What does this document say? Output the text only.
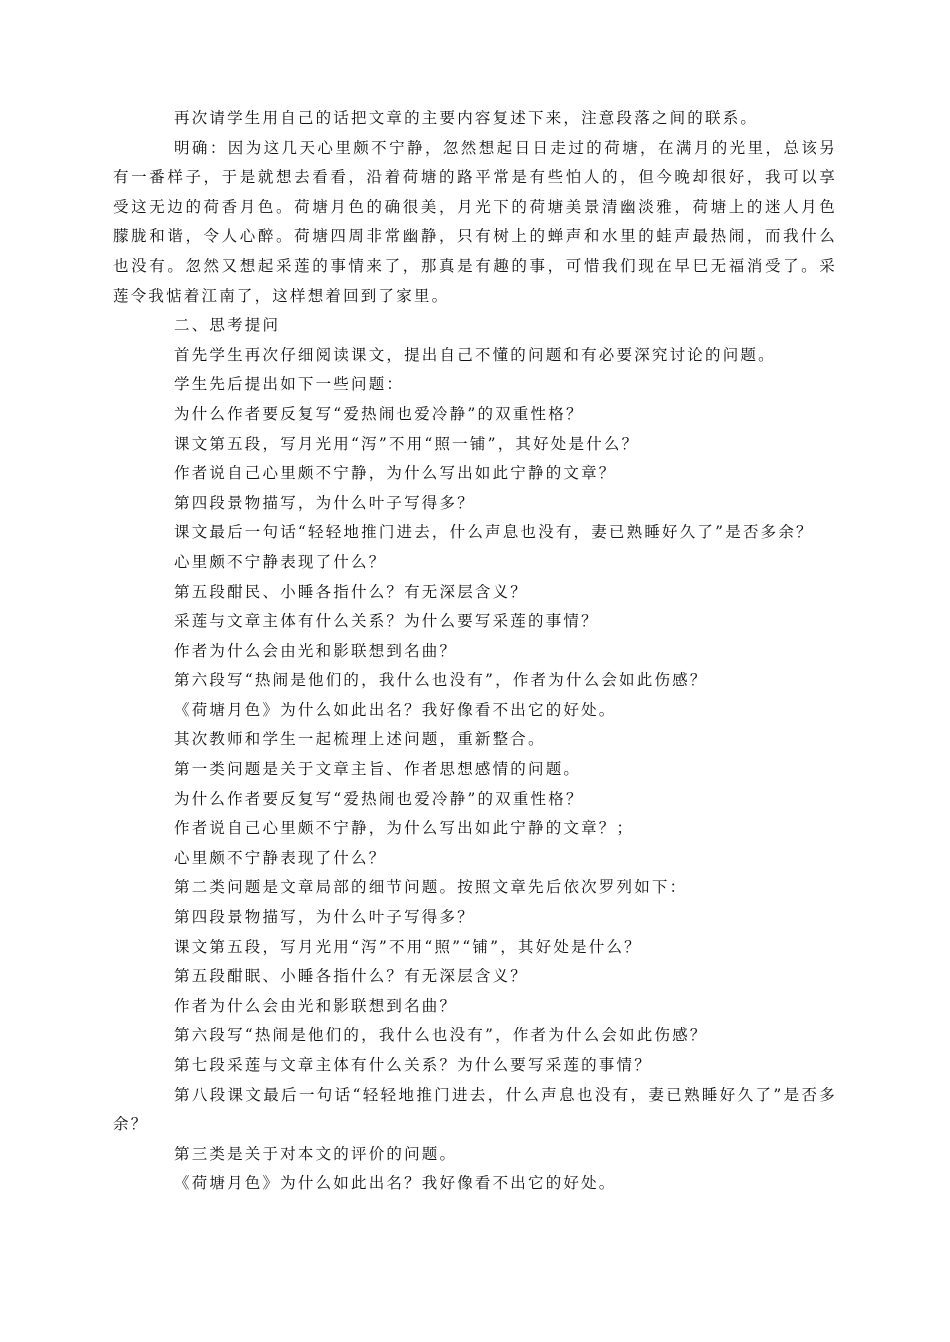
再次请学生用自己的话把文章的主要内容复述下来，注意段落之间的联系。

明确：因为这几天心里颇不宁静，忽然想起日日走过的荷塘，在满月的光里，总该另有一番样子，于是就想去看看，沿着荷塘的路平常是有些怕人的，但今晚却很好，我可以享受这无边的荷香月色。荷塘月色的确很美，月光下的荷塘美景清幽淡雅，荷塘上的迷人月色朦胧和谐，令人心醉。荷塘四周非常幽静，只有树上的蝉声和水里的蛙声最热闹，而我什么也没有。忽然又想起采莲的事情来了，那真是有趣的事，可惜我们现在早巳无福消受了。采莲令我惦着江南了，这样想着回到了家里。

二、思考提问

首先学生再次仔细阅读课文，提出自己不懂的问题和有必要深究讨论的问题。

学生先后提出如下一些问题：

为什么作者要反复写“爱热闹也爱冷静”的双重性格？

课文第五段，写月光用“泻”不用“照一铺”，其好处是什么？

作者说自己心里颇不宁静，为什么写出如此宁静的文章？

第四段景物描写，为什么叶子写得多？

课文最后一句话“轻轻地推门进去，什么声息也没有，妻已熟睡好久了”是否多余？

心里颇不宁静表现了什么？

第五段酣民、小睡各指什么？有无深层含义？

采莲与文章主体有什么关系？为什么要写采莲的事情？

作者为什么会由光和影联想到名曲？

第六段写“热闹是他们的，我什么也没有”，作者为什么会如此伤感？

《荷塘月色》为什么如此出名？我好像看不出它的好处。

其次教师和学生一起梳理上述问题，重新整合。

第一类问题是关于文章主旨、作者思想感情的问题。

为什么作者要反复写“爱热闹也爱冷静”的双重性格？

作者说自己心里颇不宁静，为什么写出如此宁静的文章？；

心里颇不宁静表现了什么？

第二类问题是文章局部的细节问题。按照文章先后依次罗列如下：

第四段景物描写，为什么叶子写得多？

课文第五段，写月光用“泻”不用“照”“铺”，其好处是什么？

第五段酣眠、小睡各指什么？有无深层含义？

作者为什么会由光和影联想到名曲？

第六段写“热闹是他们的，我什么也没有”，作者为什么会如此伤感？

第七段采莲与文章主体有什么关系？为什么要写采莲的事情？

第八段课文最后一句话“轻轻地推门进去，什么声息也没有，妻已熟睡好久了”是否多余？

第三类是关于对本文的评价的问题。

《荷塘月色》为什么如此出名？我好像看不出它的好处。
